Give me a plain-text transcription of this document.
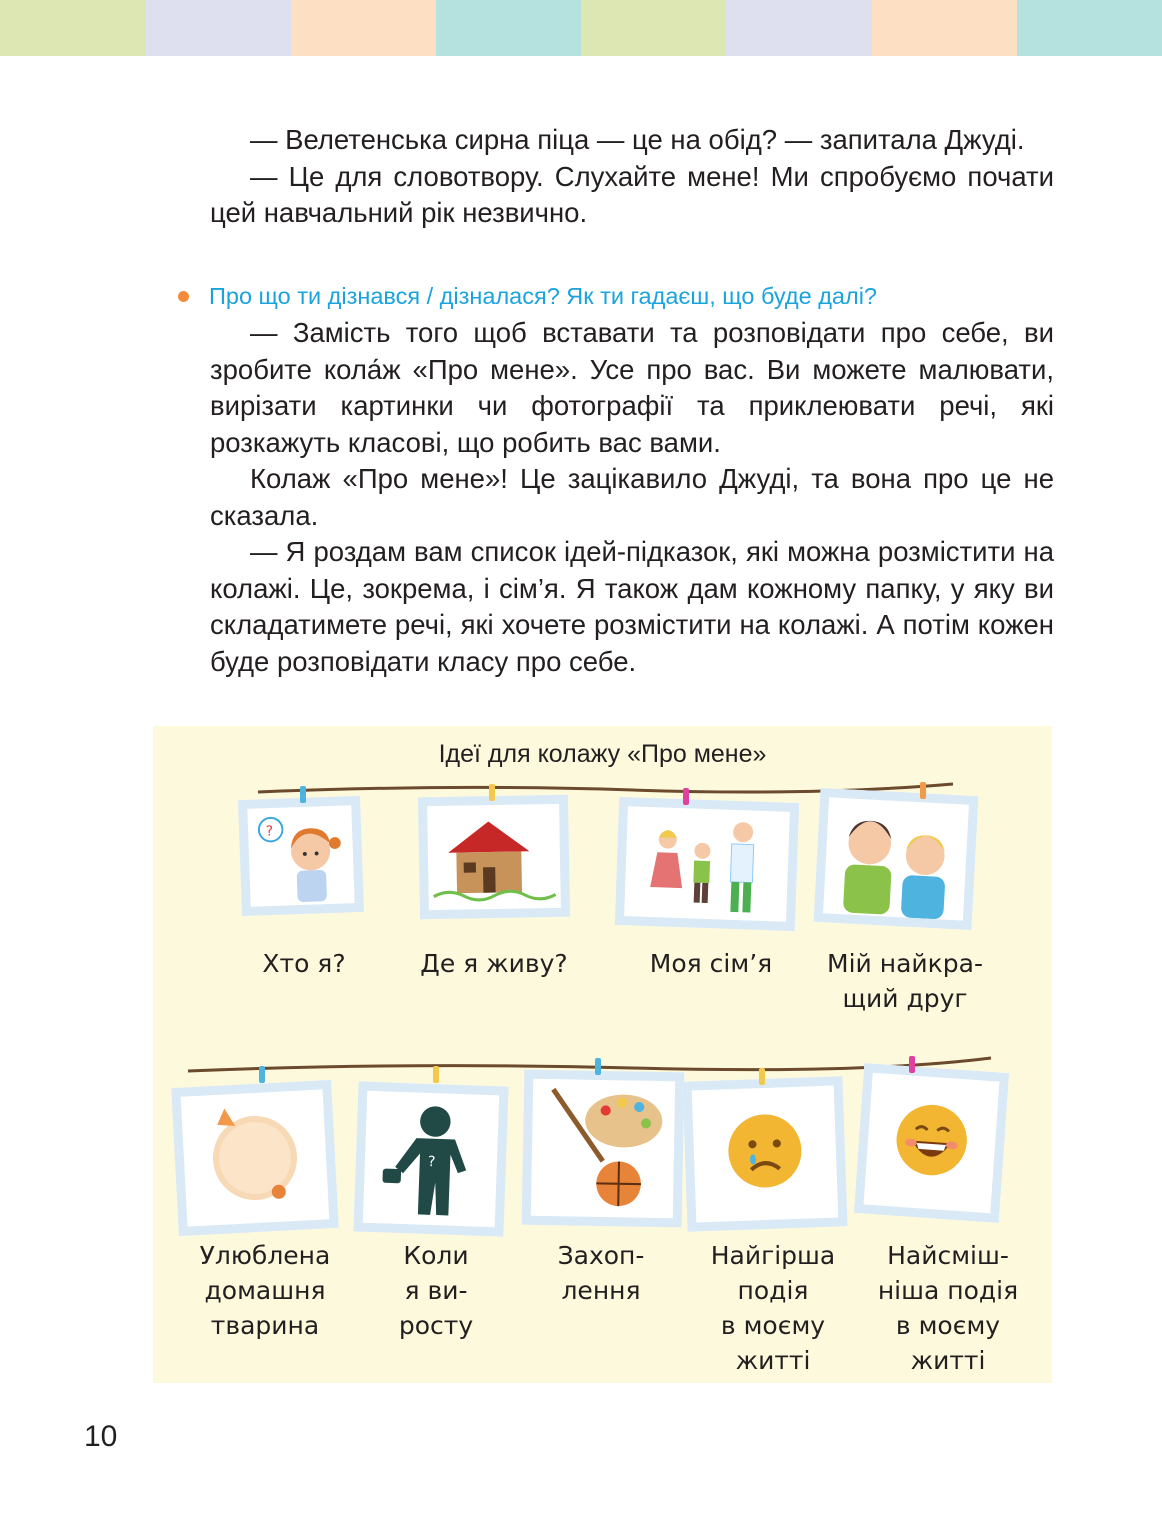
— Велетенська сирна піца — це на обід? — запитала Джуді.

— Це для словотвору. Слухайте мене! Ми спробуємо почати цей навчальний рік незвично.

Про що ти дізнався / дізналася? Як ти гадаєш, що буде далі?

— Замість того щоб вставати та розповідати про себе, ви зробите кола́ж «Про мене». Усе про вас. Ви можете малювати, вирізати картинки чи фотографії та приклеювати речі, які розкажуть класові, що робить вас вами.

Колаж «Про мене»! Це зацікавило Джуді, та вона про це не сказала.

— Я роздам вам список ідей-підказок, які можна розмістити на колажі. Це, зокрема, і сім’я. Я також дам кожному папку, у яку ви складатимете речі, які хочете розмістити на колажі. А потім кожен буде розповідати класу про себе.

Ідеї для колажу «Про мене»
?
Хто я?	Де я живу?	Моя сім’я	Мій найкра-
щий друг
?
Улюблена
домашня
тварина
Коли
я ви-
росту
Захоп-
лення
Найгірша
подія
в моєму
житті
Найсміш-
ніша подія
в моєму
житті
10
